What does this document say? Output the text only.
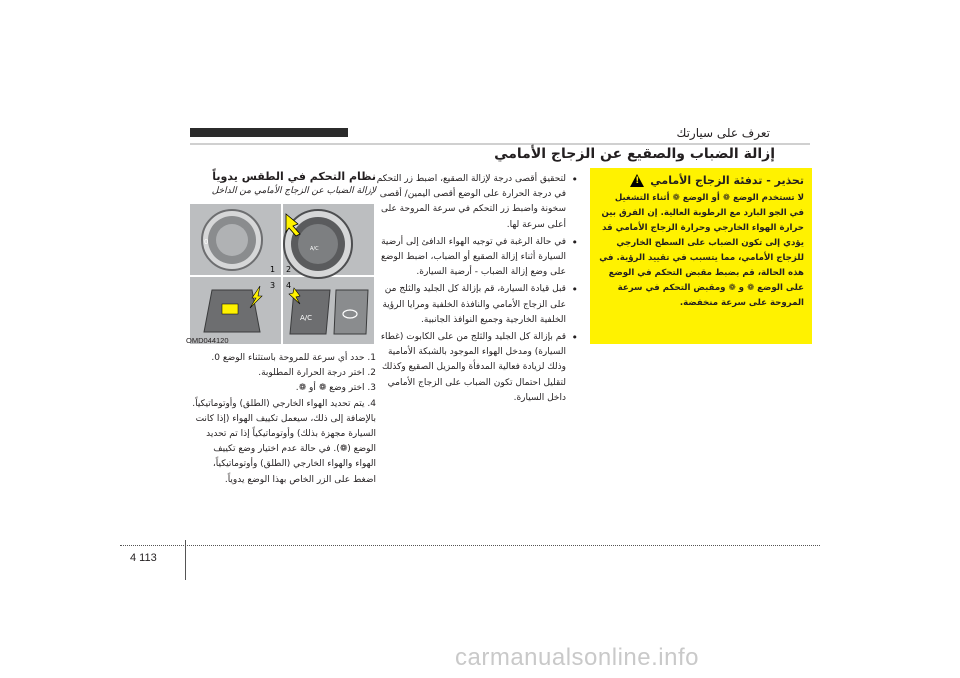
تعرف على سيارتك
إزالة الضباب والصقيع عن الزجاج الأمامي
تحذير - تدفئة الزجاج الأمامي
!
لا تستخدم الوضع ❁ أو الوضع ❁ أثناء التشغيل في الجو البارد مع الرطوبة العالية. إن الفرق بين حرارة الهواء الخارجي وحرارة الزجاج الأمامي قد يؤدي إلى تكون الضباب على السطح الخارجي للزجاج الأمامي، مما يتسبب في تقييد الرؤية. في هذه الحالة، قم بضبط مقبض التحكم في الوضع على الوضع ❁ و ❁ ومقبض التحكم في سرعة المروحة على سرعة منخفضة.
• لتحقيق أقصى درجة لإزالة الصقيع، اضبط زر التحكم في درجة الحرارة على الوضع أقصى اليمين/ أقصى سخونة واضبط زر التحكم في سرعة المروحة على أعلى سرعة لها.
• في حالة الرغبة في توجيه الهواء الدافئ إلى أرضية السيارة أثناء إزالة الصقيع أو الضباب، اضبط الوضع على وضع إزالة الضباب - أرضية السيارة.
• قبل قيادة السيارة، قم بإزالة كل الجليد والثلج من على الزجاج الأمامي والنافذة الخلفية ومرايا الرؤية الخلفية الخارجية وجميع النوافذ الجانبية.
• قم بإزالة كل الجليد والثلج من على الكابوت (غطاء السيارة) ومدخل الهواء الموجود بالشبكة الأمامية وذلك لزيادة فعالية المدفأة والمزيل الصقيع وكذلك لتقليل احتمال تكون الضباب على الزجاج الأمامي داخل السيارة.
نظام التحكم في الطقس يدوياً
لإزالة الضباب عن الزجاج الأمامي من الداخل
0
A/C
1 2
3 4
A/C
OMD044120
1. حدد أي سرعة للمروحة باستثناء الوضع 0.
2. اختر درجة الحرارة المطلوبة.
3. اختر وضع ❁ أو ❁.
4. يتم تحديد الهواء الخارجي (الطلق) وأوتوماتيكياً. بالإضافة إلى ذلك، سيعمل تكييف الهواء (إذا كانت السيارة مجهزة بذلك) وأوتوماتيكياً إذا تم تحديد الوضع (❁). في حالة عدم اختيار وضع تكييف الهواء والهواء الخارجي (الطلق) وأوتوماتيكياً، اضغط على الزر الخاص بهذا الوضع يدوياً.
4 113
carmanualsonline.info
